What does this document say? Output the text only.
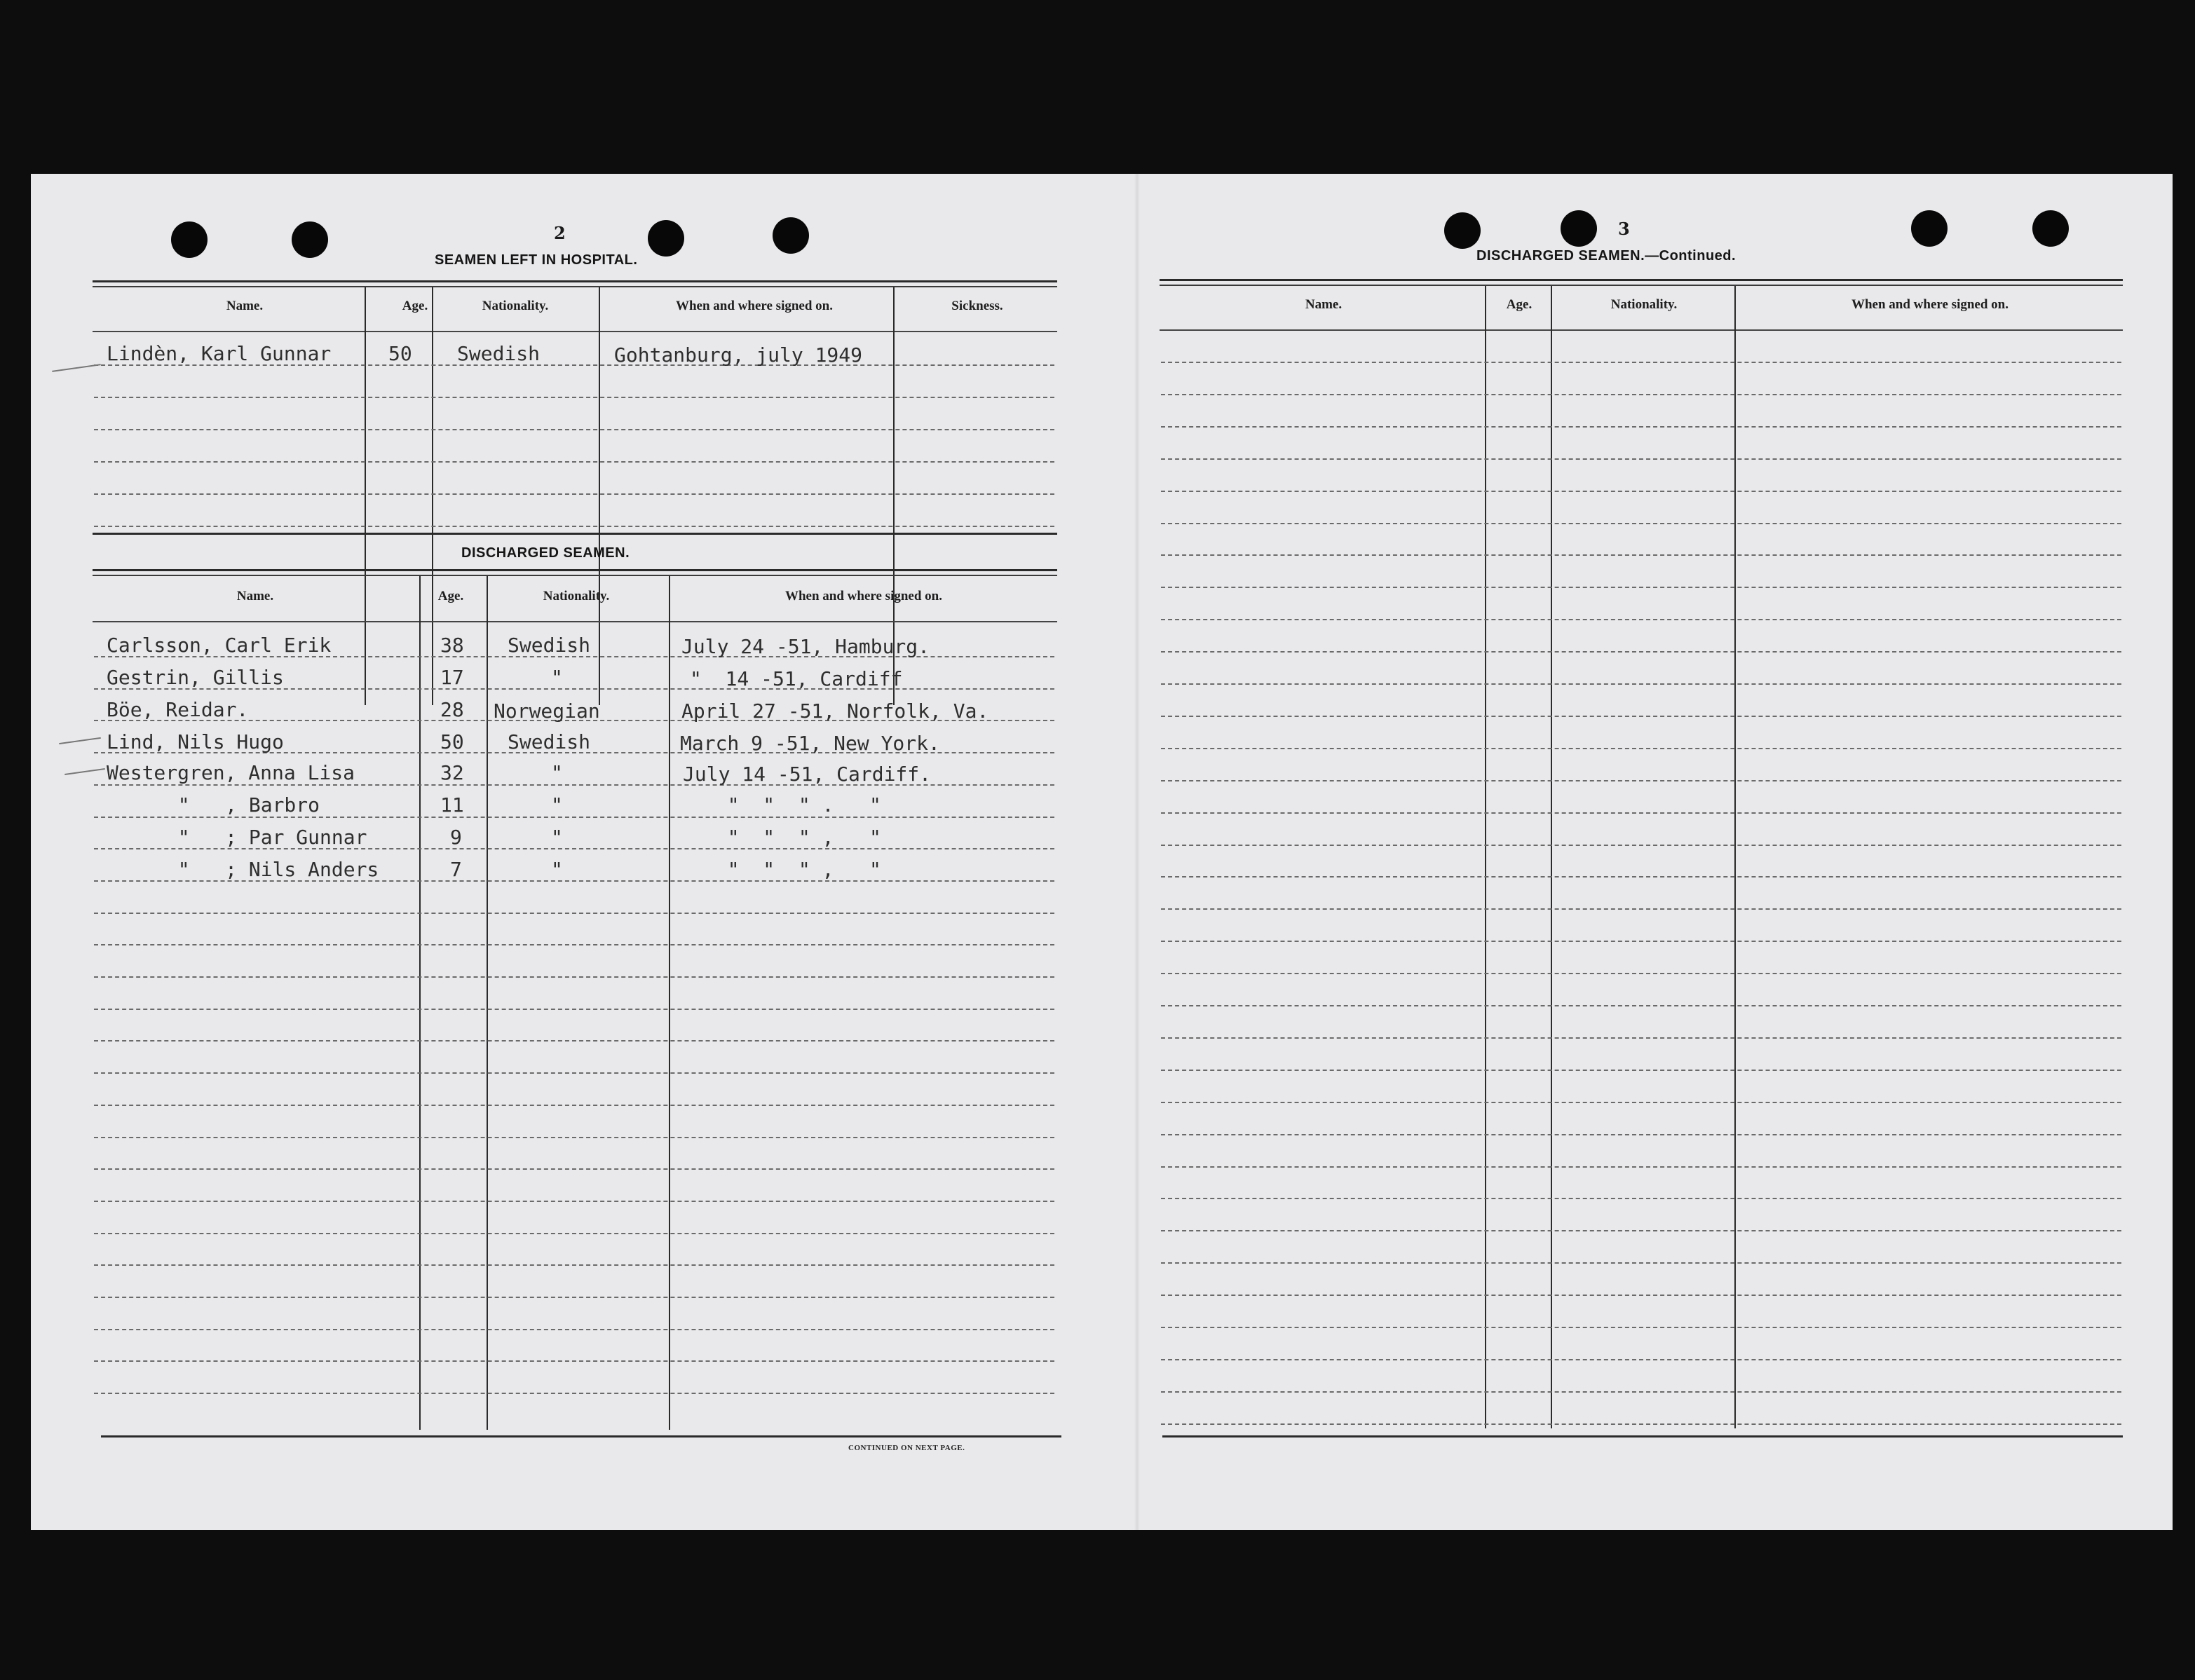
2
SEAMEN LEFT IN HOSPITAL.
Name.	Age.	Nationality.	When and where signed on.	Sickness.
Lindèn, Karl Gunnar	50 Swedish	Gohtanburg, july 1949
DISCHARGED SEAMEN.
Name.	Age.	Nationality.	When and where signed on.
Carlsson, Carl Erik	38 Swedish	July 24 -51, Hamburg.
Gestrin, Gillis	17	"	"  14 -51, Cardiff
Böe, Reidar.	28 Norwegian	April 27 -51, Norfolk, Va.
Lind, Nils Hugo	50 Swedish	March 9 -51, New York.
Westergren, Anna Lisa	32	"	July 14 -51, Cardiff.
"   , Barbro	11	"	"  "  " .   "
"   ; Par Gunnar	9	"	"  "  " ,   "
"   ; Nils Anders	7	"	"  "  " ,   "
CONTINUED ON NEXT PAGE.
3
DISCHARGED SEAMEN.—Continued.
Name.	Age.	Nationality.	When and where signed on.
